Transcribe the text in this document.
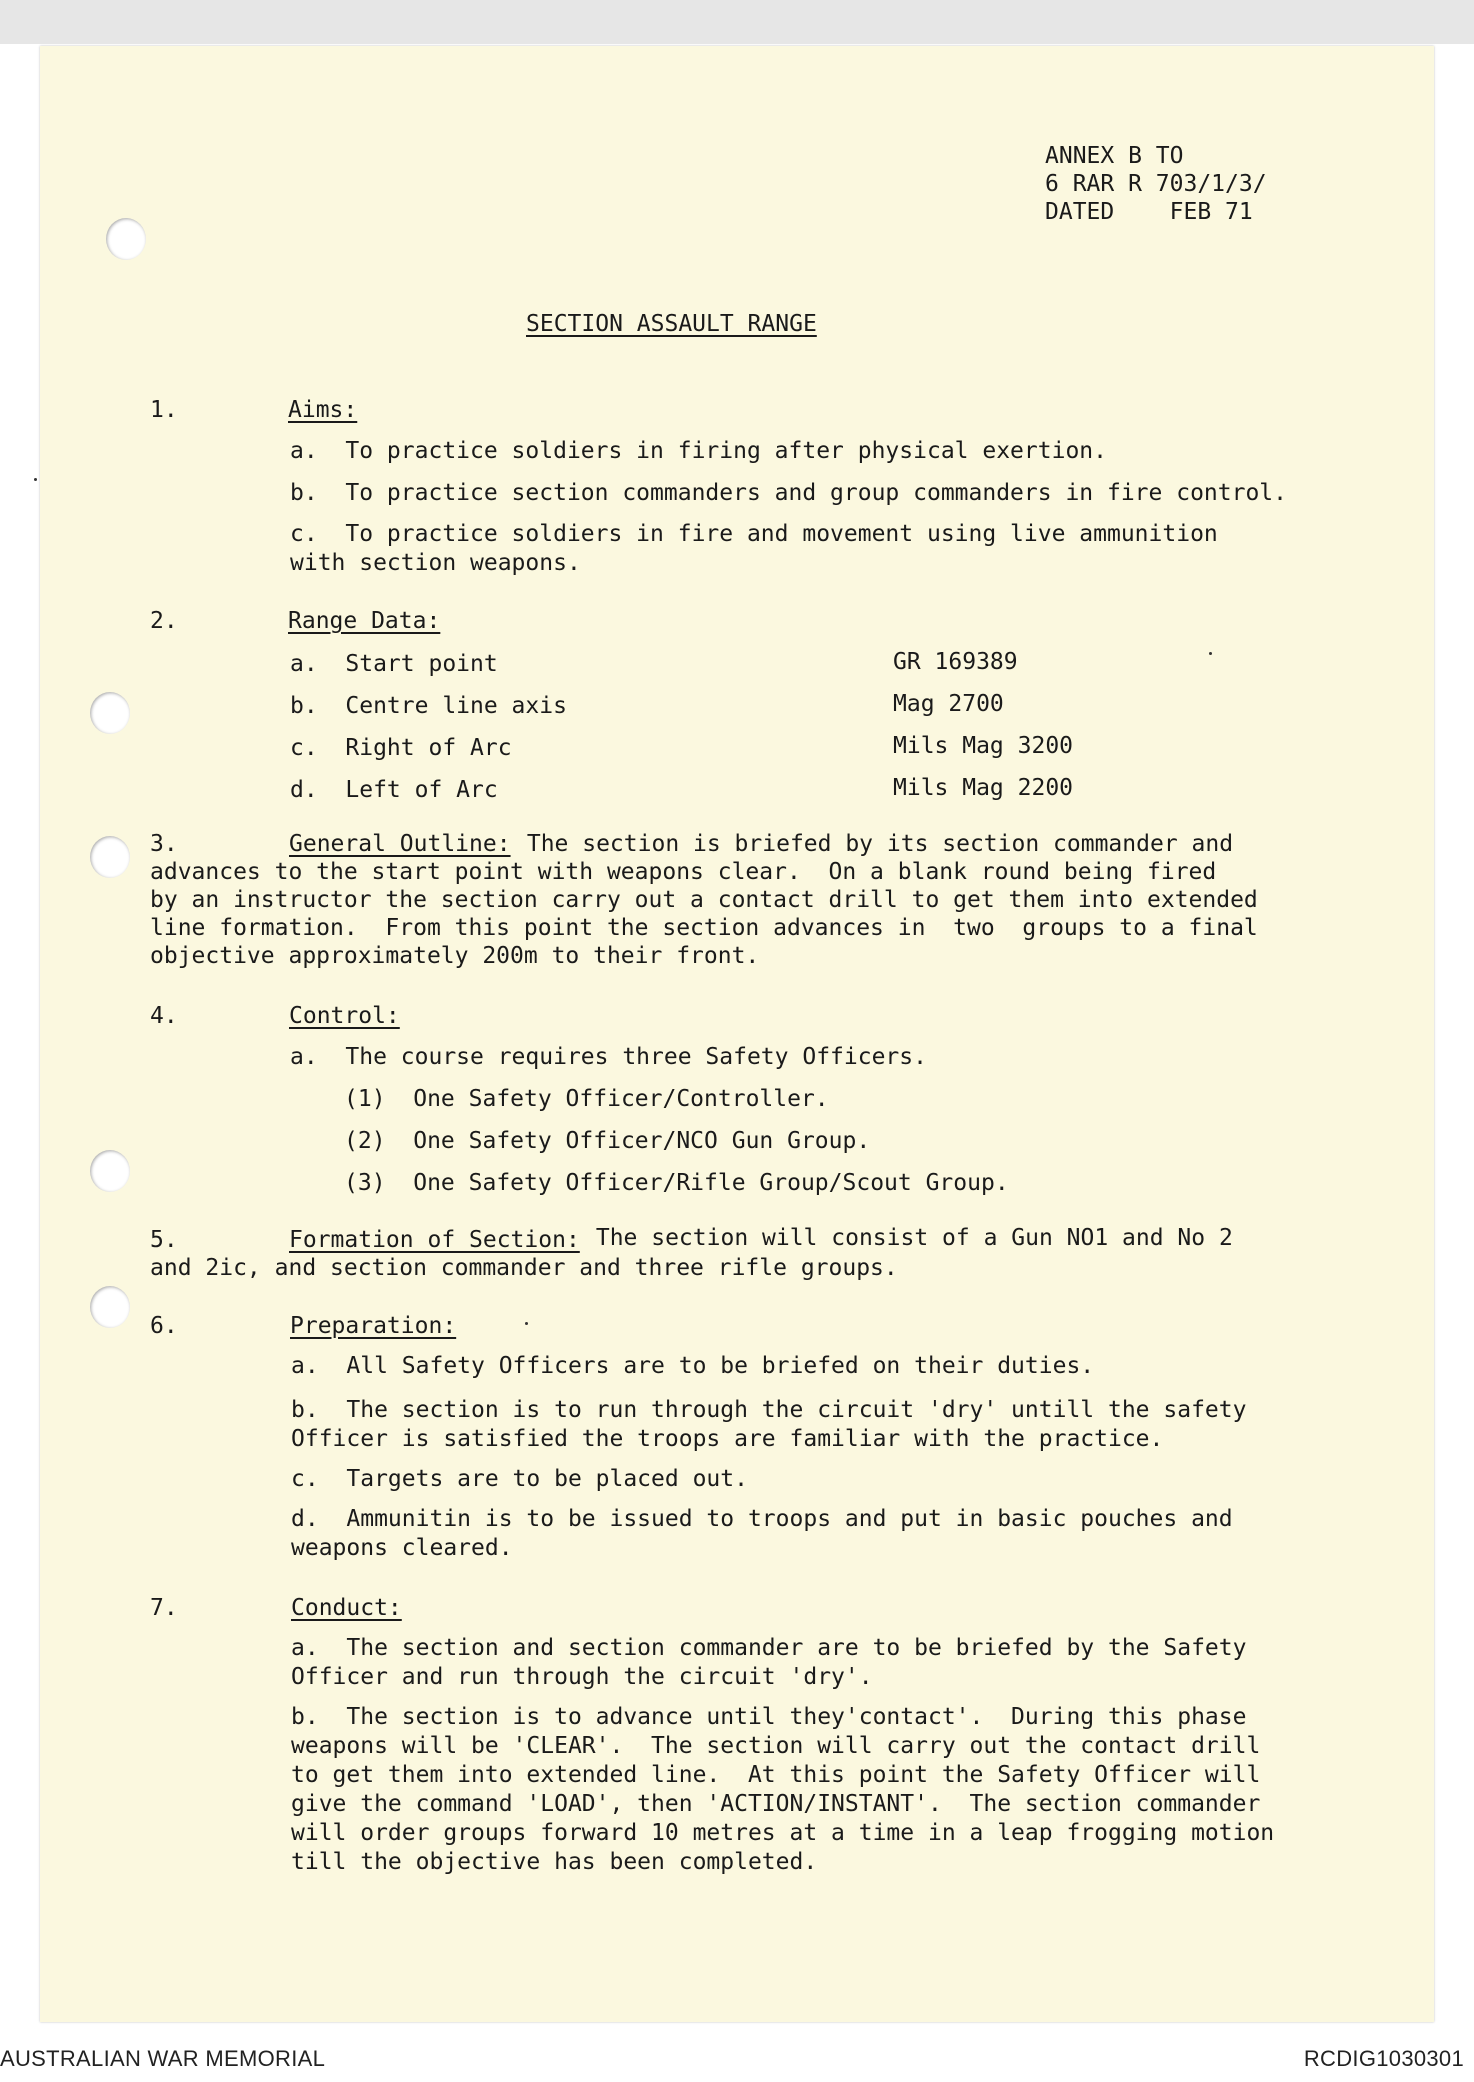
ANNEX B TO

6 RAR R 703/1/3/

DATED    FEB 71

SECTION ASSAULT RANGE

1.	Aims:

a.  To practice soldiers in firing after physical exertion.

b.  To practice section commanders and group commanders in fire control.

c.  To practice soldiers in fire and movement using live ammunition
with section weapons.

2.	Range Data:

a.  Start point	GR 169389

b.  Centre line axis	Mag 2700

c.  Right of Arc	Mils Mag 3200

d.  Left of Arc	Mils Mag 2200

3.	General Outline: The section is briefed by its section commander and

advances to the start point with weapons clear.  On a blank round being fired
by an instructor the section carry out a contact drill to get them into extended
line formation.  From this point the section advances in  two  groups to a final
objective approximately 200m to their front.

4.	Control:

a.  The course requires three Safety Officers.

(1)  One Safety Officer/Controller.

(2)  One Safety Officer/NCO Gun Group.

(3)  One Safety Officer/Rifle Group/Scout Group.

5.	Formation of Section: The section will consist of a Gun NO1 and No 2

and 2ic, and section commander and three rifle groups.

6.	Preparation:

a.  All Safety Officers are to be briefed on their duties.

b.  The section is to run through the circuit 'dry' untill the safety
Officer is satisfied the troops are familiar with the practice.

c.  Targets are to be placed out.

d.  Ammunitin is to be issued to troops and put in basic pouches and
weapons cleared.

7.	Conduct:

a.  The section and section commander are to be briefed by the Safety
Officer and run through the circuit 'dry'.

b.  The section is to advance until they'contact'.  During this phase
weapons will be 'CLEAR'.  The section will carry out the contact drill
to get them into extended line.  At this point the Safety Officer will
give the command 'LOAD', then 'ACTION/INSTANT'.  The section commander
will order groups forward 10 metres at a time in a leap frogging motion
till the objective has been completed.

AUSTRALIAN WAR MEMORIAL	RCDIG1030301
